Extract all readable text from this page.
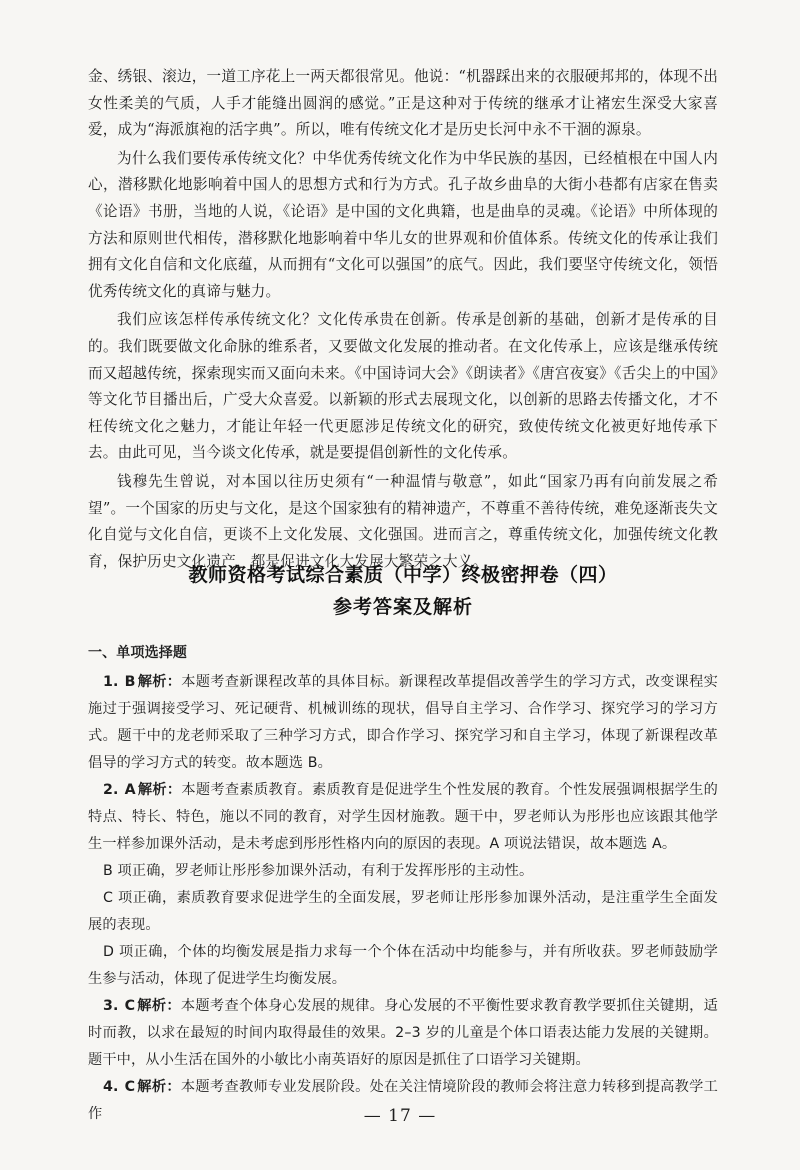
金、绣银、滚边，一道工序花上一两天都很常见。他说：“机器踩出来的衣服硬邦邦的，体现不出女性柔美的气质，人手才能缝出圆润的感觉。”正是这种对于传统的继承才让褚宏生深受大家喜爱，成为“海派旗袍的活字典”。所以，唯有传统文化才是历史长河中永不干涸的源泉。

为什么我们要传承传统文化？中华优秀传统文化作为中华民族的基因，已经植根在中国人内心，潜移默化地影响着中国人的思想方式和行为方式。孔子故乡曲阜的大街小巷都有店家在售卖《论语》书册，当地的人说，《论语》是中国的文化典籍，也是曲阜的灵魂。《论语》中所体现的方法和原则世代相传，潜移默化地影响着中华儿女的世界观和价值体系。传统文化的传承让我们拥有文化自信和文化底蕴，从而拥有“文化可以强国”的底气。因此，我们要坚守传统文化，领悟优秀传统文化的真谛与魅力。

我们应该怎样传承传统文化？文化传承贵在创新。传承是创新的基础，创新才是传承的目的。我们既要做文化命脉的维系者，又要做文化发展的推动者。在文化传承上，应该是继承传统而又超越传统，探索现实而又面向未来。《中国诗词大会》《朗读者》《唐宫夜宴》《舌尖上的中国》等文化节目播出后，广受大众喜爱。以新颖的形式去展现文化，以创新的思路去传播文化，才不枉传统文化之魅力，才能让年轻一代更愿涉足传统文化的研究，致使传统文化被更好地传承下去。由此可见，当今谈文化传承，就是要提倡创新性的文化传承。

钱穆先生曾说，对本国以往历史须有“一种温情与敬意”，如此“国家乃再有向前发展之希望”。一个国家的历史与文化，是这个国家独有的精神遗产，不尊重不善待传统，难免逐渐丧失文化自觉与文化自信，更谈不上文化发展、文化强国。进而言之，尊重传统文化，加强传统文化教育，保护历史文化遗产，都是促进文化大发展大繁荣之大义。

教师资格考试综合素质（中学）终极密押卷（四）
参考答案及解析

一、单项选择题

1. B 解析：本题考查新课程改革的具体目标。新课程改革提倡改善学生的学习方式，改变课程实施过于强调接受学习、死记硬背、机械训练的现状，倡导自主学习、合作学习、探究学习的学习方式。题干中的龙老师采取了三种学习方式，即合作学习、探究学习和自主学习，体现了新课程改革倡导的学习方式的转变。故本题选 B。

2. A 解析：本题考查素质教育。素质教育是促进学生个性发展的教育。个性发展强调根据学生的特点、特长、特色，施以不同的教育，对学生因材施教。题干中，罗老师认为彤彤也应该跟其他学生一样参加课外活动，是未考虑到彤彤性格内向的原因的表现。A 项说法错误，故本题选 A。

B 项正确，罗老师让彤彤参加课外活动，有利于发挥彤彤的主动性。

C 项正确，素质教育要求促进学生的全面发展，罗老师让彤彤参加课外活动，是注重学生全面发展的表现。

D 项正确，个体的均衡发展是指力求每一个个体在活动中均能参与，并有所收获。罗老师鼓励学生参与活动，体现了促进学生均衡发展。

3. C 解析：本题考查个体身心发展的规律。身心发展的不平衡性要求教育教学要抓住关键期，适时而教，以求在最短的时间内取得最佳的效果。2–3 岁的儿童是个体口语表达能力发展的关键期。题干中，从小生活在国外的小敏比小南英语好的原因是抓住了口语学习关键期。

4. C 解析：本题考查教师专业发展阶段。处在关注情境阶段的教师会将注意力转移到提高教学工作	— 17 —
